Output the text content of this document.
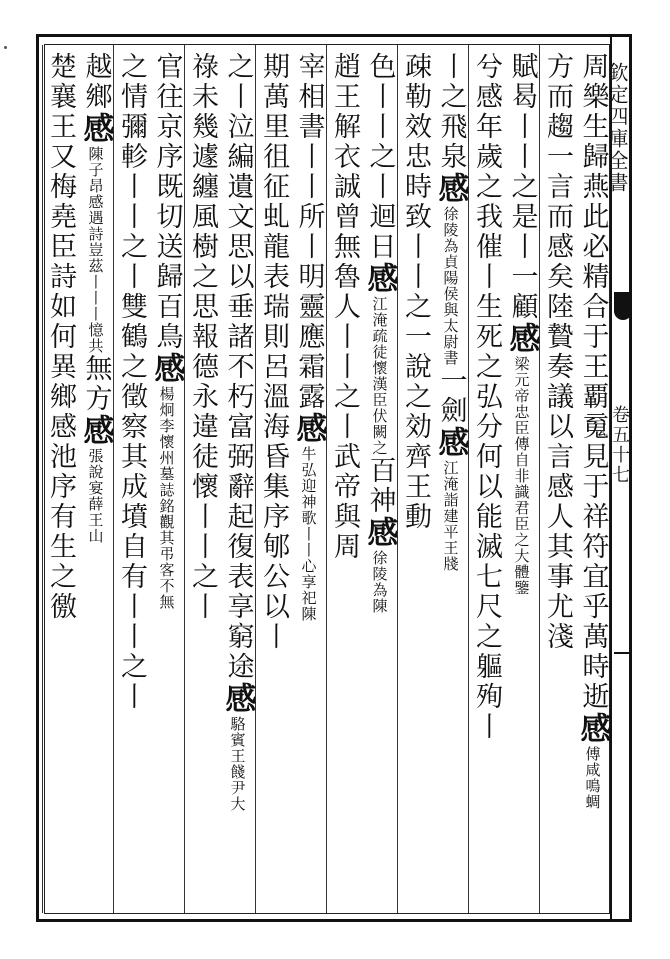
欽定四庫全書
卷五十七
周樂生歸燕此必精合于王覇䰟見于祥符宜乎萬時逝感傅咸鳴蜩
方而趨一言而感矣陸贄奏議以言感人其事尤淺
賦曷丨丨之是丨一顧感梁元帝忠臣傳自非識君臣之大體鑒
兮感年歲之我催丨生死之弘分何以能滅七尺之軀殉丨
丨之飛泉感徐陵為貞陽侯與太尉書一劍感江淹詣建平王牋
疎勒效忠時致丨丨之一說之効齊王動
色丨丨之丨迴日感江淹疏徒懷漢臣伏闕之百神感徐陵為陳
趙王解衣誠曾無魯人丨丨之丨武帝與周
宰相書丨丨所丨明靈應霜露感牛弘迎神歌丨丨心享祀陳
期萬里徂征虬龍表瑞則呂溫海昏集序郇公以丨
之丨泣編遺文思以垂諸不朽富弼辭起復表享窮途感駱賓王餞尹大
祿未幾遽纏風樹之思報德永違徒懷丨丨之丨
官往京序既切送歸百鳥感楊炯李懷州墓誌銘觀其弔客不無
之情彌軫丨丨之丨雙鶴之徵察其成墳自有丨丨之丨
越鄉感陳子昂感遇詩豈茲丨丨丨憶共無方感張說宴薛王山
楚襄王又梅堯臣詩如何異鄉感池序有生之徼
